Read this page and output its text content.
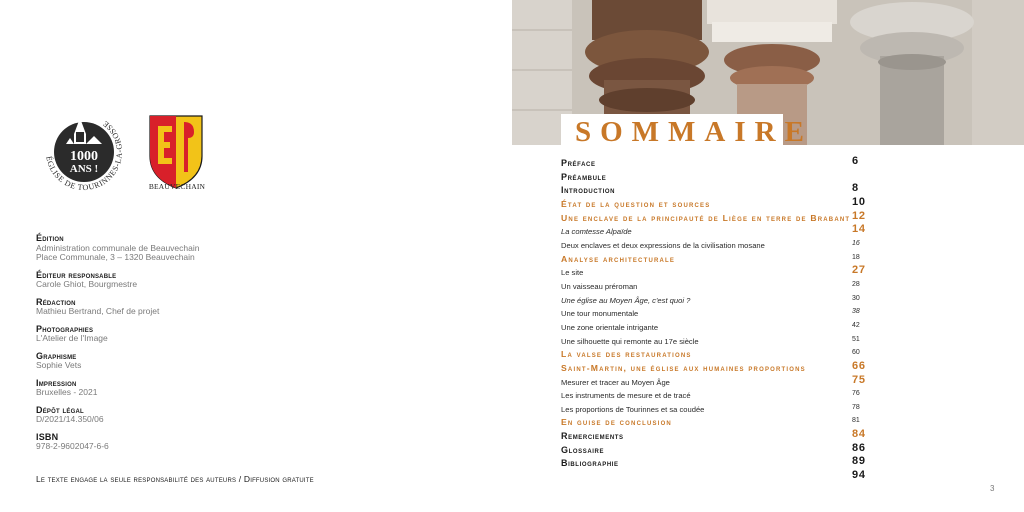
1000
ANS !
ÉGLISE DE TOURINNES-LA-GROSSE
BEAUVECHAIN
Édition
Administration communale de Beauvechain
Place Communale, 3 – 1320 Beauvechain
Éditeur responsable
Carole Ghiot, Bourgmestre
Rédaction
Mathieu Bertrand, Chef de projet
Photographies
L'Atelier de l'Image
Graphisme
Sophie Vets
Impression
Bruxelles - 2021
Dépôt légal
D/2021/14.350/06
ISBN
978-2-9602047-6-6
Le texte engage la seule responsabilité des auteurs / Diffusion gratuite
SOMMAIRE
Préface
Préambule
Introduction
État de la question et sources
Une enclave de la principauté de Liège en terre de Brabant
La comtesse Alpaïde
Deux enclaves et deux expressions de la civilisation mosane
Analyse architecturale
Le site
Un vaisseau préroman
Une église au Moyen Âge, c'est quoi ?
Une tour monumentale
Une zone orientale intrigante
Une silhouette qui remonte au 17e siècle
La valse des restaurations
Saint-Martin, une église aux humaines proportions
Mesurer et tracer au Moyen Âge
Les instruments de mesure et de tracé
Les proportions de Tourinnes et sa coudée
En guise de conclusion
Remerciements
Glossaire
Bibliographie
6
8
10
12
14
16
18
27
28
30
38
42
51
60
66
75
76
78
81
84
86
89
94
3
